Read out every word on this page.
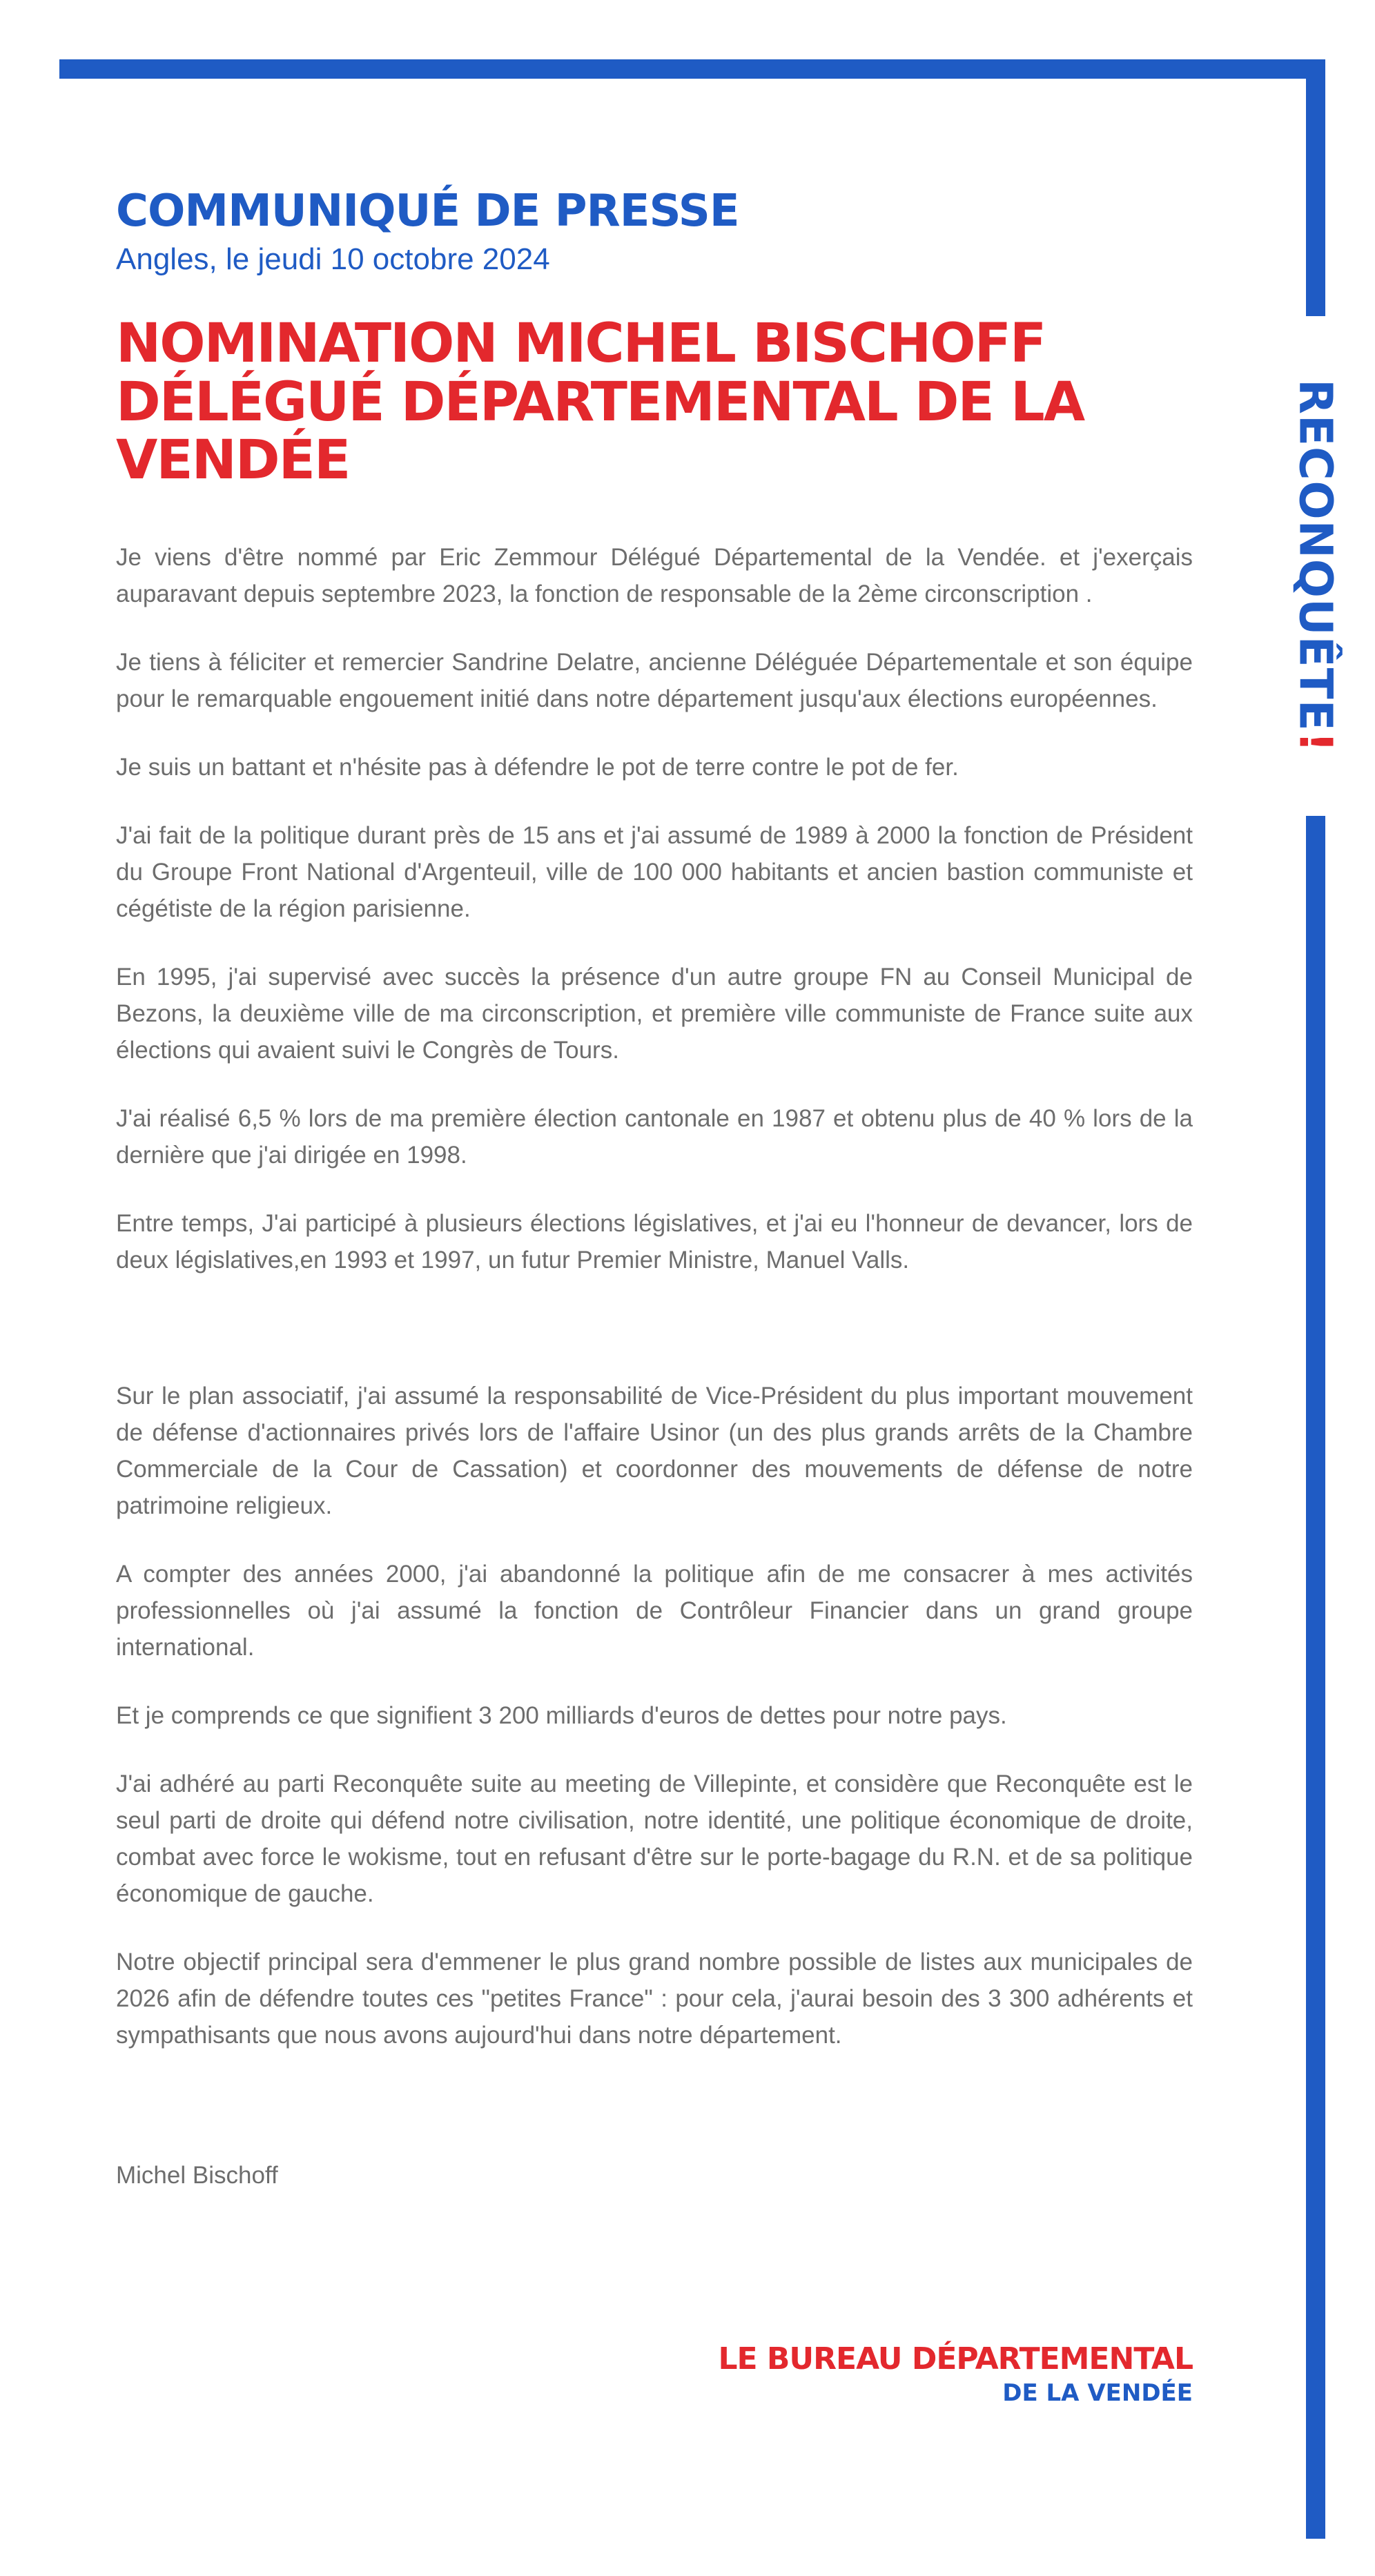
RECONQUÊTE!
COMMUNIQUÉ DE PRESSE
Angles, le jeudi 10 octobre 2024
NOMINATION MICHEL BISCHOFF
DÉLÉGUÉ DÉPARTEMENTAL DE LA
VENDÉE

Je viens d'être nommé par Eric Zemmour Délégué Départemental de la Vendée. et j'exerçais auparavant depuis septembre 2023, la fonction de responsable de la 2ème circonscription .

Je tiens à féliciter et remercier Sandrine Delatre, ancienne Déléguée Départementale et son équipe pour le remarquable engouement initié dans notre département jusqu'aux élections européennes.

Je suis un battant et n'hésite pas à défendre le pot de terre contre le pot de fer.

J'ai fait de la politique durant près de 15 ans et j'ai assumé de 1989 à 2000 la fonction de Président du Groupe Front National d'Argenteuil, ville de 100 000 habitants et ancien bastion communiste et cégétiste de la région parisienne.

En 1995, j'ai supervisé avec succès la présence d'un autre groupe FN au Conseil Municipal de Bezons, la deuxième ville de ma circonscription, et première ville communiste de France suite aux élections qui avaient suivi le Congrès de Tours.

J'ai réalisé 6,5 % lors de ma première élection cantonale en 1987 et obtenu plus de 40 % lors de la dernière que j'ai dirigée en 1998.

Entre temps, J'ai participé à plusieurs élections législatives, et j'ai eu l'honneur de devancer, lors de deux législatives,en 1993 et 1997, un futur Premier Ministre, Manuel Valls.

Sur le plan associatif, j'ai assumé la responsabilité de Vice-Président du plus important mouvement de défense d'actionnaires privés lors de l'affaire Usinor (un des plus grands arrêts de la Chambre Commerciale de la Cour de Cassation) et coordonner des mouvements de défense de notre patrimoine religieux.

A compter des années 2000, j'ai abandonné la politique afin de me consacrer à mes activités professionnelles où j'ai assumé la fonction de Contrôleur Financier dans un grand groupe international.

Et je comprends ce que signifient 3 200 milliards d'euros de dettes pour notre pays.

J'ai adhéré au parti Reconquête suite au meeting de Villepinte, et considère que Reconquête est le seul parti de droite qui défend notre civilisation, notre identité, une politique économique de droite, combat avec force le wokisme, tout en refusant d'être sur le porte-bagage du R.N. et de sa politique économique de gauche.

Notre objectif principal sera d'emmener le plus grand nombre possible de listes aux municipales de 2026 afin de défendre toutes ces "petites France" : pour cela, j'aurai besoin des 3 300 adhérents et sympathisants que nous avons aujourd'hui dans notre département.

Michel Bischoff
LE BUREAU DÉPARTEMENTAL
DE LA VENDÉE
